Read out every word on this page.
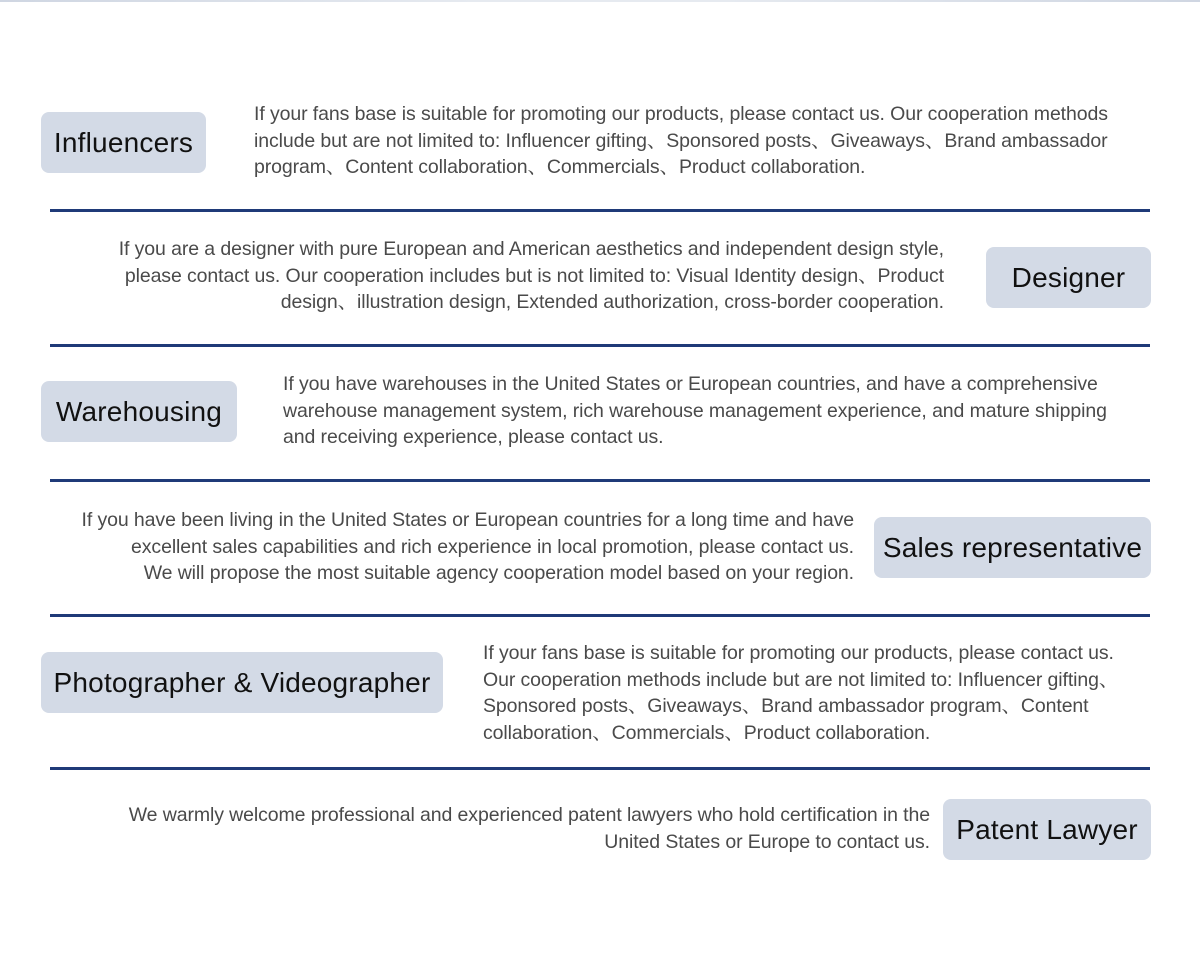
Influencers
If your fans base is suitable for promoting our products, please contact us. Our cooperation methods
include but are not limited to: Influencer gifting、Sponsored posts、Giveaways、Brand ambassador
program、Content collaboration、Commercials、Product collaboration.
If you are a designer with pure European and American aesthetics and independent design style,
please contact us. Our cooperation includes but is not limited to: Visual Identity design、Product
design、illustration design, Extended authorization, cross-border cooperation.
Designer
Warehousing
If you have warehouses in the United States or European countries, and have a comprehensive
warehouse management system, rich warehouse management experience, and mature shipping
and receiving experience, please contact us.
If you have been living in the United States or European countries for a long time and have
excellent sales capabilities and rich experience in local promotion, please contact us.
We will propose the most suitable agency cooperation model based on your region.
Sales representative
Photographer & Videographer
If your fans base is suitable for promoting our products, please contact us.
Our cooperation methods include but are not limited to: Influencer gifting、
Sponsored posts、Giveaways、Brand ambassador program、Content
collaboration、Commercials、Product collaboration.
We warmly welcome professional and experienced patent lawyers who hold certification in the
United States or Europe to contact us. Patent Lawyer
